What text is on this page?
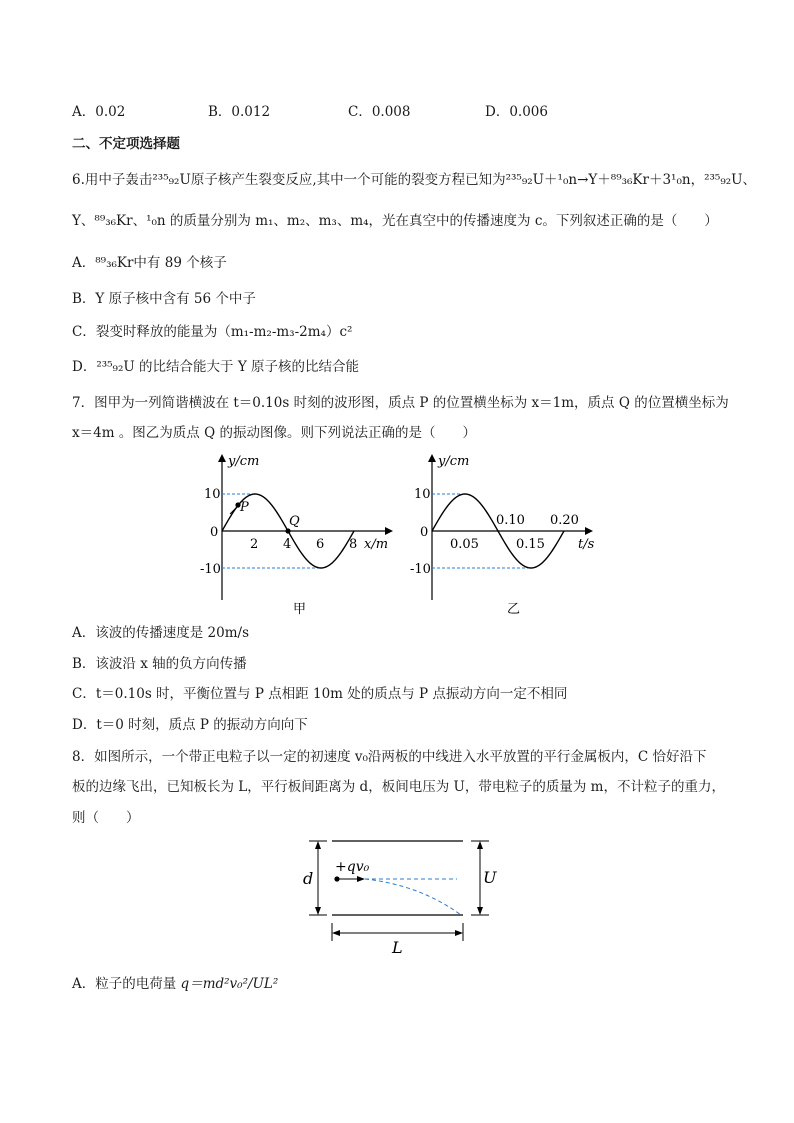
A．0.02	B．0.012	C．0.008	D．0.006
二、不定项选择题
6.用中子轰击²³⁵₉₂U原子核产生裂变反应,其中一个可能的裂变方程已知为²³⁵₉₂U＋¹₀n→Y＋⁸⁹₃₆Kr＋3¹₀n，²³⁵₉₂U、
Y、⁸⁹₃₆Kr、¹₀n 的质量分别为 m₁、m₂、m₃、m₄，光在真空中的传播速度为 c。下列叙述正确的是（　　）
A．⁸⁹₃₆Kr中有 89 个核子
B．Y 原子核中含有 56 个中子
C．裂变时释放的能量为（m₁-m₂-m₃-2m₄）c²
D．²³⁵₉₂U 的比结合能大于 Y 原子核的比结合能
7．图甲为一列简谐横波在 t＝0.10s 时刻的波形图，质点 P 的位置横坐标为 x＝1m，质点 Q 的位置横坐标为
x＝4m 。图乙为质点 Q 的振动图像。则下列说法正确的是（　　）
y/cm
x/m
10
0
-10
2 4 6 8
P
Q
甲
y/cm
t/s
10
0
-10
0.05	0.15
0.10 0.20
乙
A．该波的传播速度是 20m/s
B．该波沿 x 轴的负方向传播
C．t＝0.10s 时，平衡位置与 P 点相距 10m 处的质点与 P 点振动方向一定不相同
D．t＝0 时刻，质点 P 的振动方向向下
8．如图所示，一个带正电粒子以一定的初速度 v₀沿两板的中线进入水平放置的平行金属板内，C 恰好沿下
板的边缘飞出，已知板长为 L，平行板间距离为 d，板间电压为 U，带电粒子的质量为 m，不计粒子的重力，
则（　　）
d	U
+qv₀
L
A．粒子的电荷量 q＝md²v₀²/UL²
